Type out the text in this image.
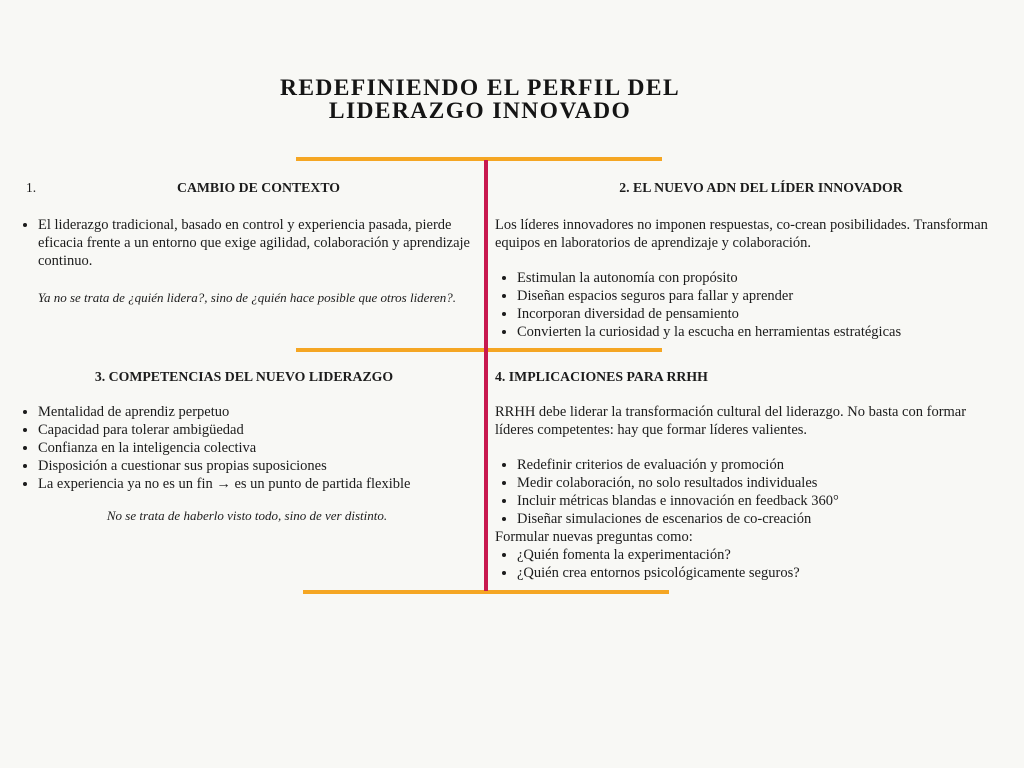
REDEFINIENDO EL PERFIL DEL
LIDERAZGO INNOVADO
1.	CAMBIO DE CONTEXTO
• El liderazgo tradicional, basado en control y experiencia pasada, pierde eficacia frente a un entorno que exige agilidad, colaboración y aprendizaje continuo.

Ya no se trata de ¿quién lidera?, sino de ¿quién hace posible que otros lideren?.

2. EL NUEVO ADN DEL LÍDER INNOVADOR

Los líderes innovadores no imponen respuestas, co-crean posibilidades. Transforman equipos en laboratorios de aprendizaje y colaboración.

• Estimulan la autonomía con propósito
• Diseñan espacios seguros para fallar y aprender
• Incorporan diversidad de pensamiento
• Convierten la curiosidad y la escucha en herramientas estratégicas

3. COMPETENCIAS DEL NUEVO LIDERAZGO

• Mentalidad de aprendiz perpetuo
• Capacidad para tolerar ambigüedad
• Confianza en la inteligencia colectiva
• Disposición a cuestionar sus propias suposiciones
• La experiencia ya no es un fin → es un punto de partida flexible

No se trata de haberlo visto todo, sino de ver distinto.

4. IMPLICACIONES PARA RRHH

RRHH debe liderar la transformación cultural del liderazgo. No basta con formar líderes competentes: hay que formar líderes valientes.

• Redefinir criterios de evaluación y promoción
• Medir colaboración, no solo resultados individuales
• Incluir métricas blandas e innovación en feedback 360°
• Diseñar simulaciones de escenarios de co-creación

Formular nuevas preguntas como:

• ¿Quién fomenta la experimentación?
• ¿Quién crea entornos psicológicamente seguros?
